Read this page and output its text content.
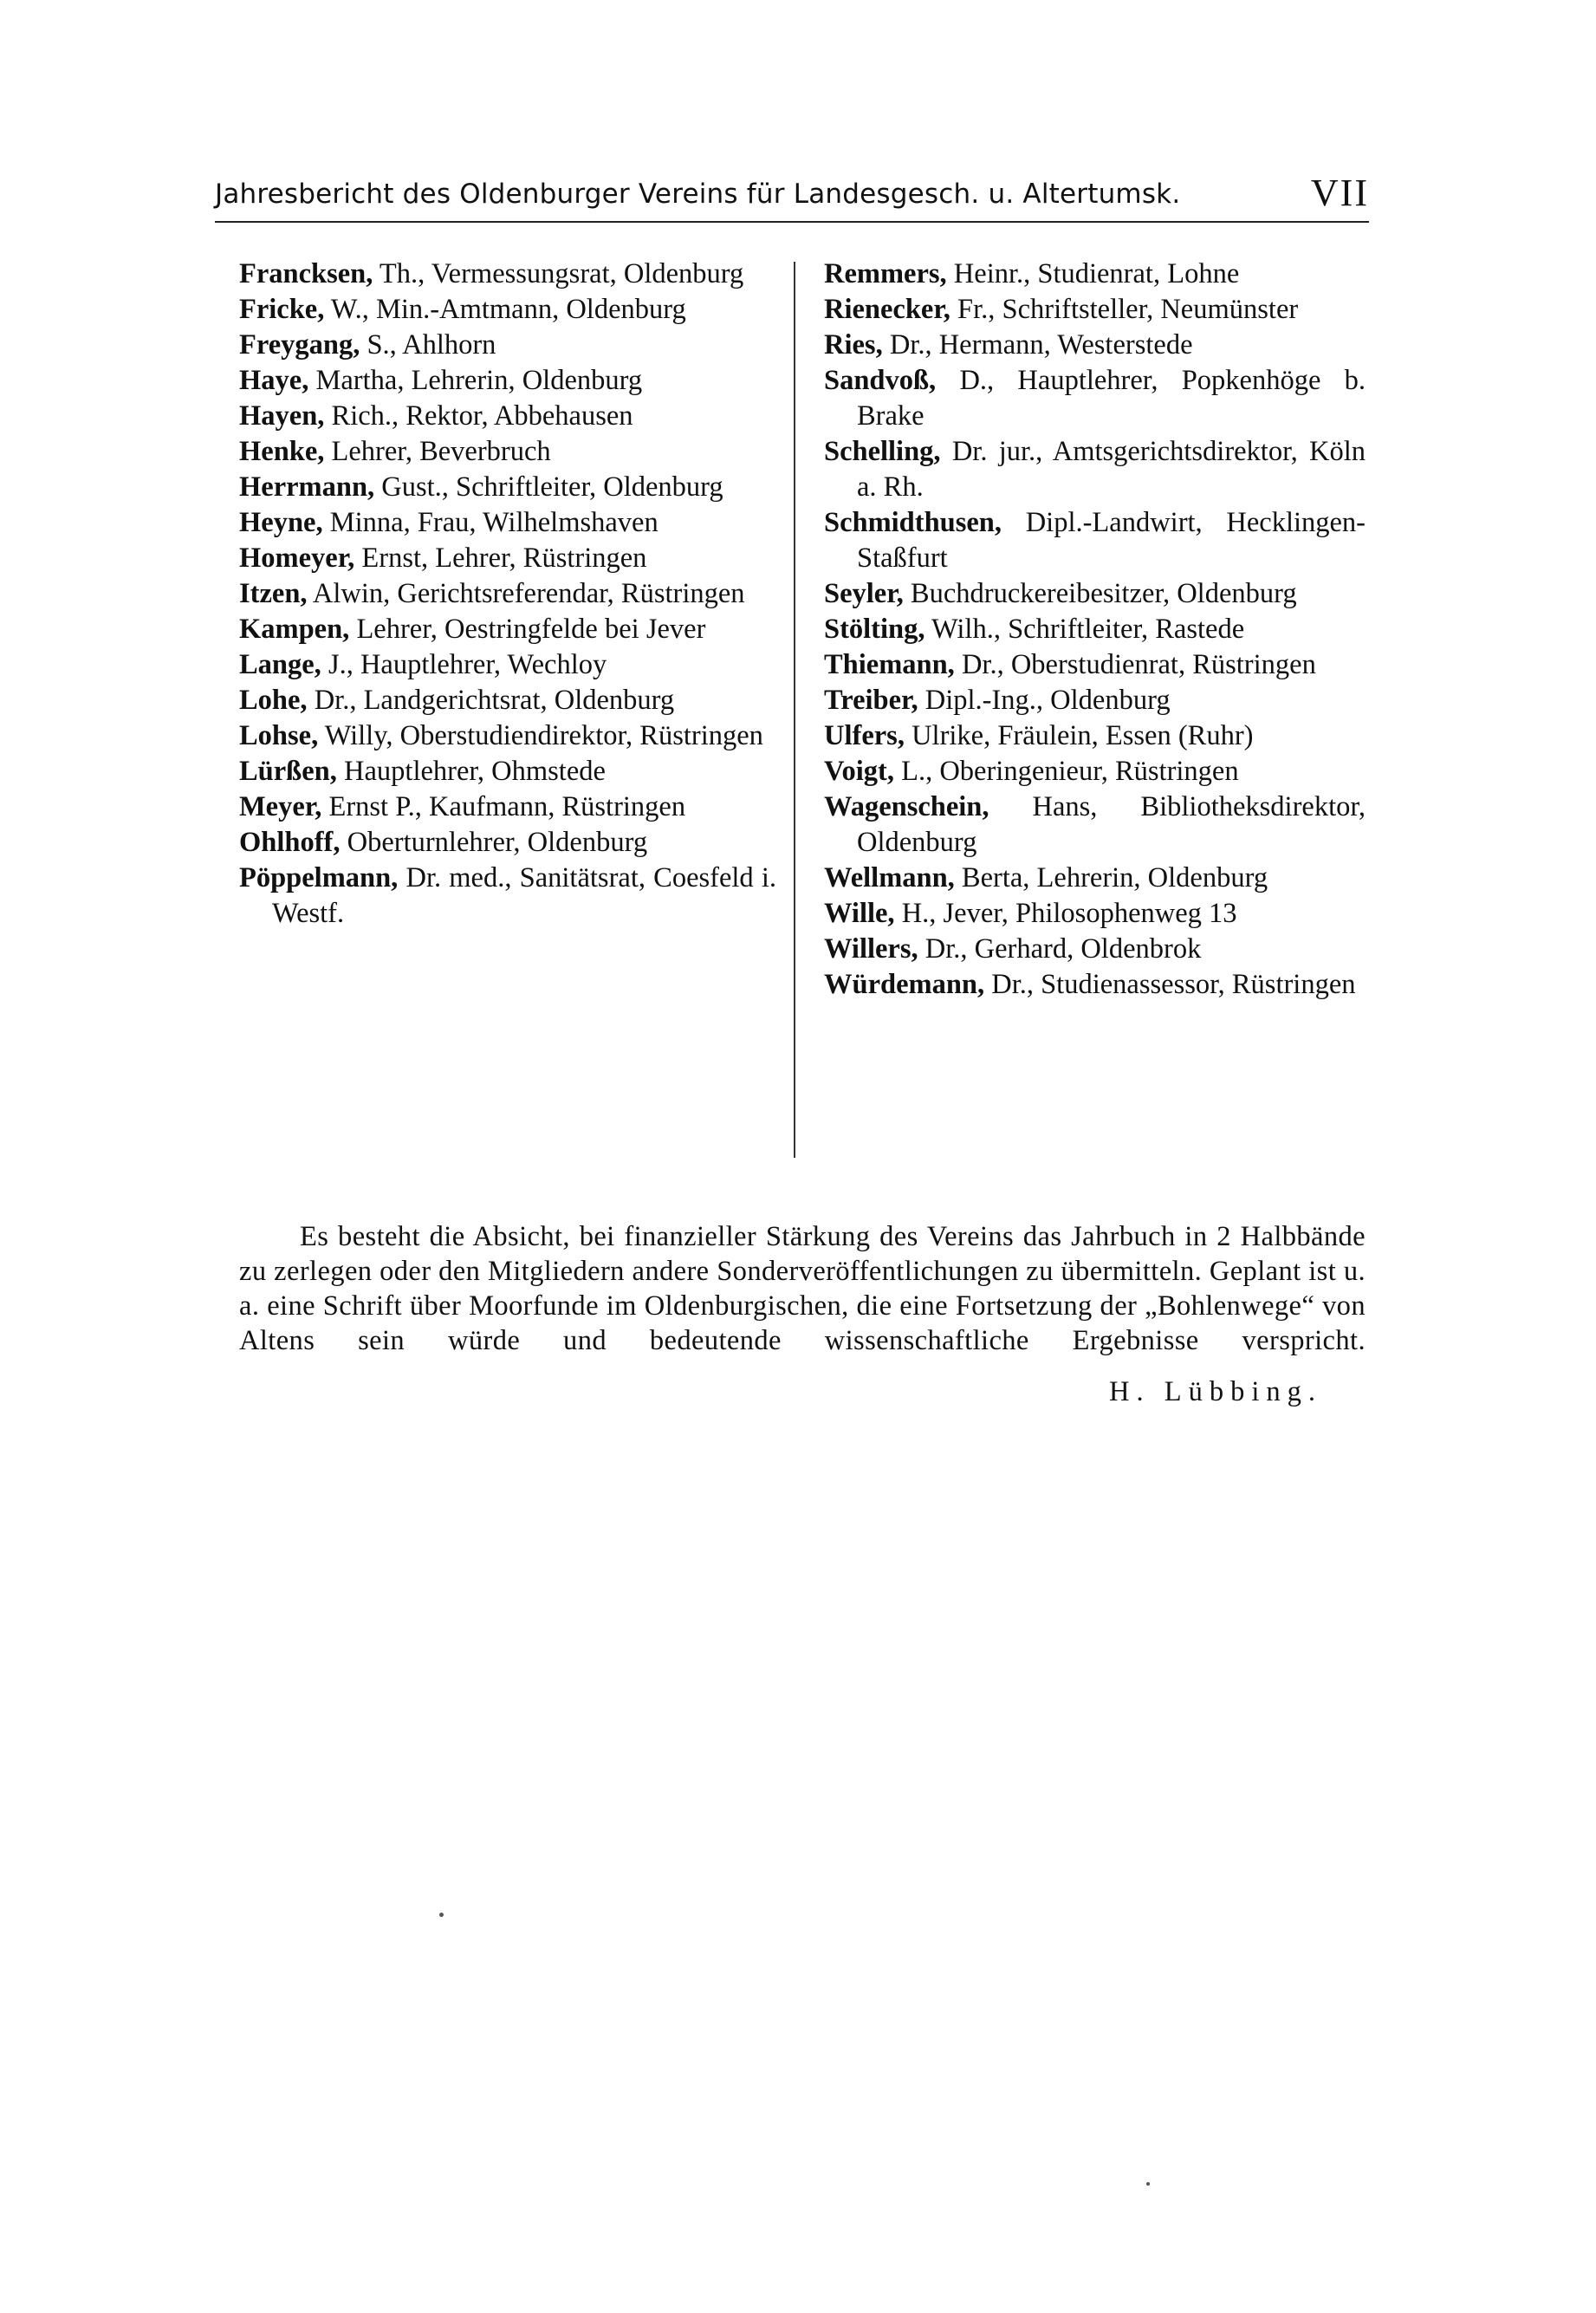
Jahresbericht des Oldenburger Vereins für Landesgesch. u. Altertumsk.	VII
Francksen, Th., Vermessungsrat, Oldenburg
Fricke, W., Min.-Amtmann, Oldenburg
Freygang, S., Ahlhorn
Haye, Martha, Lehrerin, Oldenburg
Hayen, Rich., Rektor, Abbehausen
Henke, Lehrer, Beverbruch
Herrmann, Gust., Schriftleiter, Oldenburg
Heyne, Minna, Frau, Wilhelmshaven
Homeyer, Ernst, Lehrer, Rüstringen
Itzen, Alwin, Gerichtsreferendar, Rüstringen
Kampen, Lehrer, Oestringfelde bei Jever
Lange, J., Hauptlehrer, Wechloy
Lohe, Dr., Landgerichtsrat, Oldenburg
Lohse, Willy, Oberstudiendirektor, Rüstringen
Lürßen, Hauptlehrer, Ohmstede
Meyer, Ernst P., Kaufmann, Rüstringen
Ohlhoff, Oberturnlehrer, Oldenburg
Pöppelmann, Dr. med., Sanitätsrat, Coesfeld i. Westf.
Remmers, Heinr., Studienrat, Lohne
Rienecker, Fr., Schriftsteller, Neumünster
Ries, Dr., Hermann, Westerstede
Sandvoß, D., Hauptlehrer, Popkenhöge b. Brake
Schelling, Dr. jur., Amtsgerichtsdirektor, Köln a. Rh.
Schmidthusen, Dipl.-Landwirt, Hecklingen-Staßfurt
Seyler, Buchdruckereibesitzer, Oldenburg
Stölting, Wilh., Schriftleiter, Rastede
Thiemann, Dr., Oberstudienrat, Rüstringen
Treiber, Dipl.-Ing., Oldenburg
Ulfers, Ulrike, Fräulein, Essen (Ruhr)
Voigt, L., Oberingenieur, Rüstringen
Wagenschein, Hans, Bibliotheksdirektor, Oldenburg
Wellmann, Berta, Lehrerin, Oldenburg
Wille, H., Jever, Philosophenweg 13
Willers, Dr., Gerhard, Oldenbrok
Würdemann, Dr., Studienassessor, Rüstringen

Es besteht die Absicht, bei finanzieller Stärkung des Vereins das Jahrbuch in 2 Halbbände zu zerlegen oder den Mitgliedern andere Sonderveröffentlichungen zu übermitteln. Geplant ist u. a. eine Schrift über Moorfunde im Oldenburgischen, die eine Fortsetzung der „Bohlenwege“ von Altens sein würde und bedeutende wissenschaftliche Ergebnisse verspricht.

H. Lübbing.
